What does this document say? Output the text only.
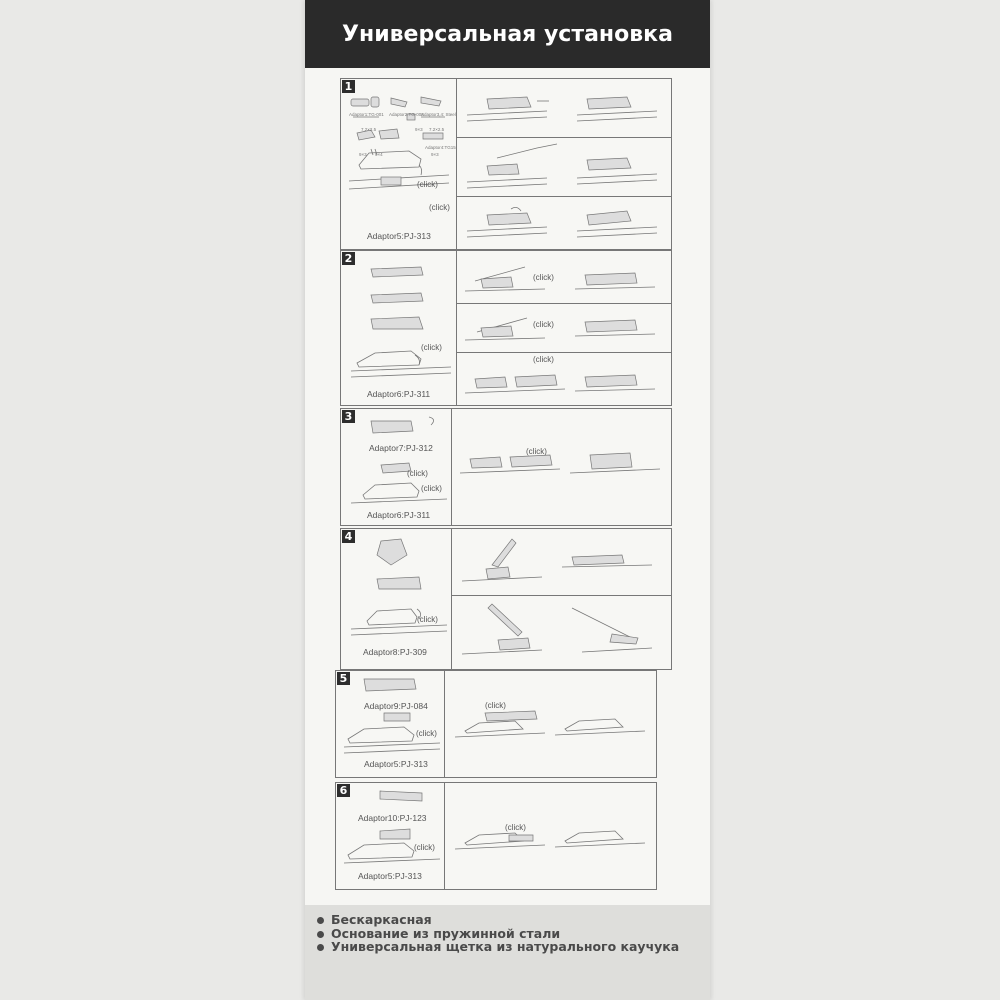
Универсальная установка
1
Adaptor1:TG-001 Adaptor2:TG-008
Adaptor3,4: Steel
7.2×2.5	9×3 7.2×2.5
Adaptor4:TG15
9×3 9×4	9×3
(click)
(click)
Adaptor5:PJ-313
2
(click)
Adaptor6:PJ-311
(click)
(click)
(click)
3
Adaptor7:PJ-312
(click)
(click)
Adaptor6:PJ-311
(click)
4
(click)
Adaptor8:PJ-309
5
Adaptor9:PJ-084
(click)
Adaptor5:PJ-313
(click)
6
Adaptor10:PJ-123
(click)
Adaptor5:PJ-313
(click)
Бескаркасная
Основание из пружинной стали
Универсальная щетка из натурального каучука
